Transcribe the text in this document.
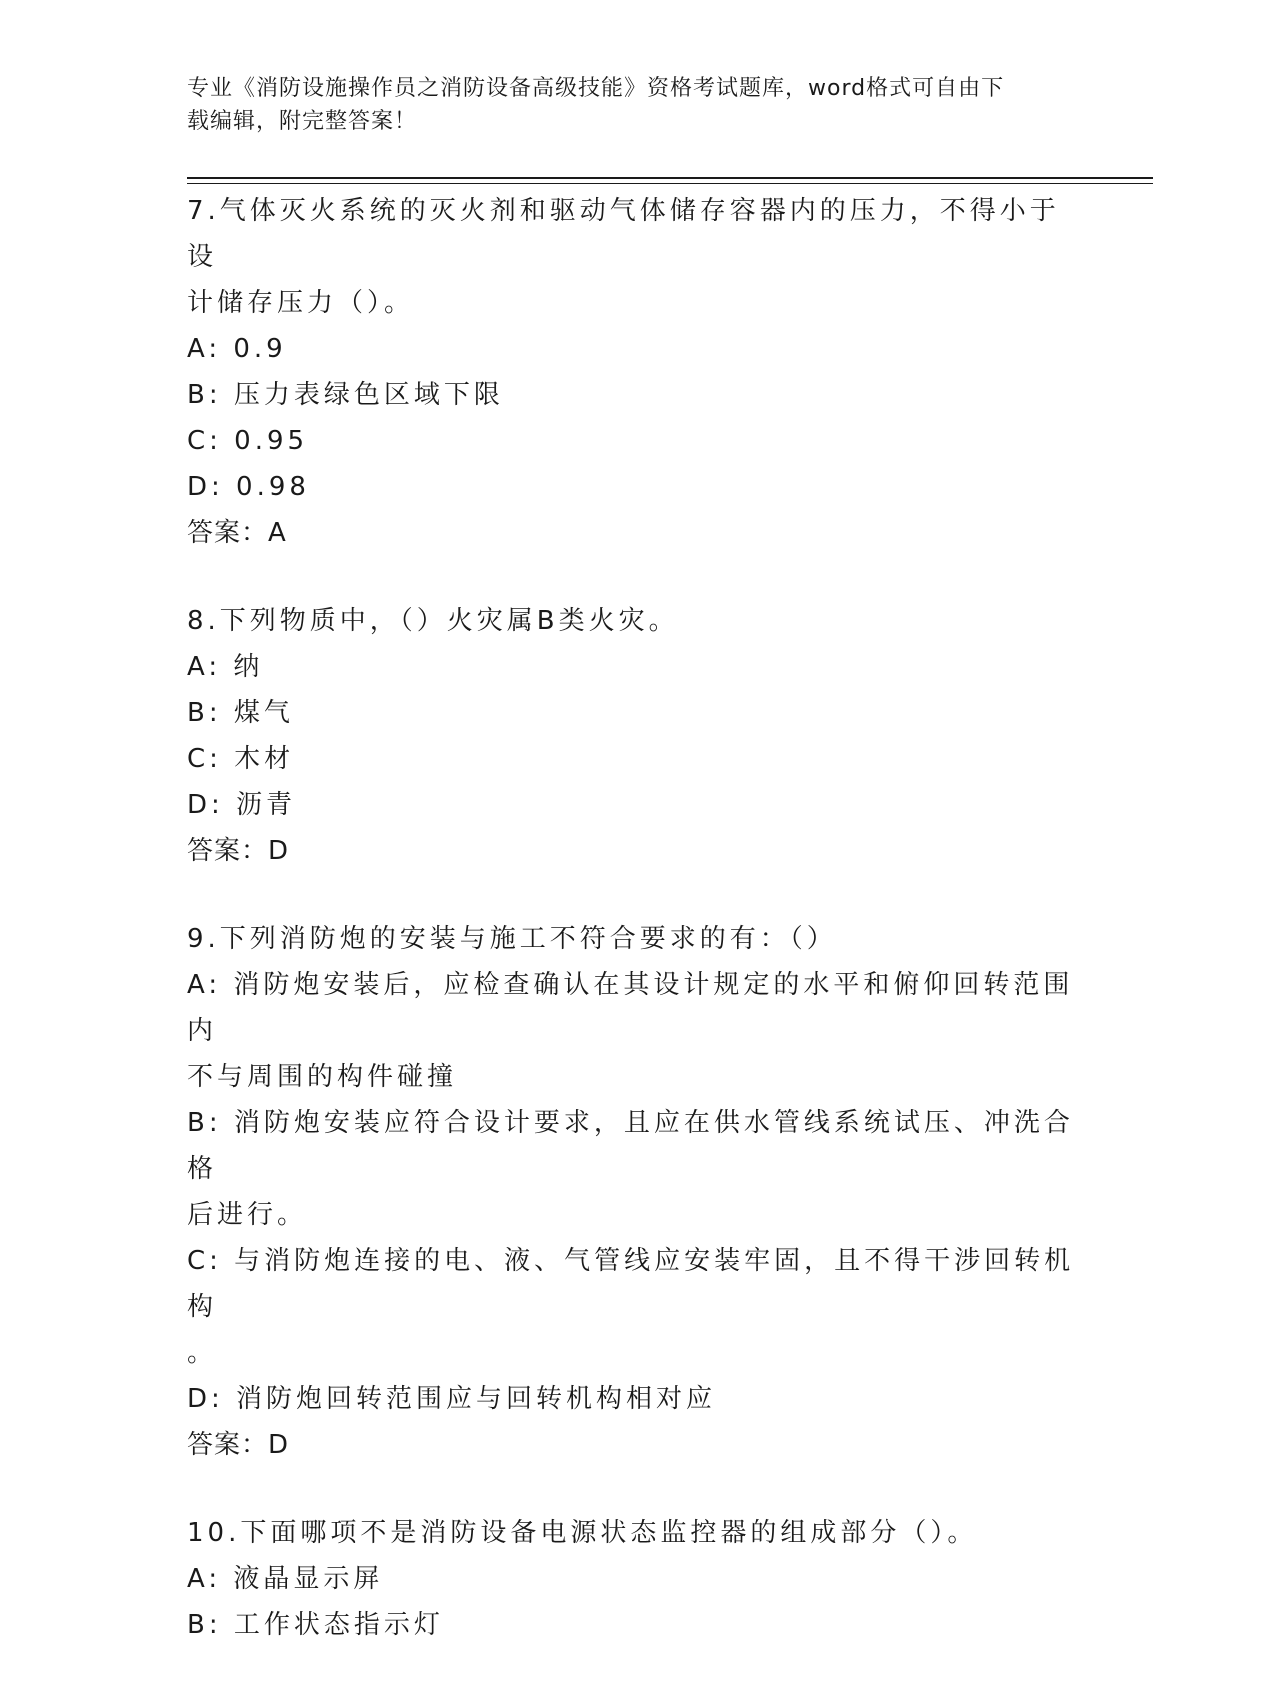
专业《消防设施操作员之消防设备高级技能》资格考试题库，word格式可自由下
载编辑，附完整答案！
7.气体灭火系统的灭火剂和驱动气体储存容器内的压力，不得小于设
计储存压力（）。
A: 0.9
B: 压力表绿色区域下限
C: 0.95
D: 0.98
答案：A
8.下列物质中，（）火灾属B类火灾。
A: 纳
B: 煤气
C: 木材
D: 沥青
答案：D
9.下列消防炮的安装与施工不符合要求的有：（）
A: 消防炮安装后，应检查确认在其设计规定的水平和俯仰回转范围内
不与周围的构件碰撞
B: 消防炮安装应符合设计要求，且应在供水管线系统试压、冲洗合格
后进行。
C: 与消防炮连接的电、液、气管线应安装牢固，且不得干涉回转机构
。
D: 消防炮回转范围应与回转机构相对应
答案：D
10.下面哪项不是消防设备电源状态监控器的组成部分（）。
A: 液晶显示屏
B: 工作状态指示灯
